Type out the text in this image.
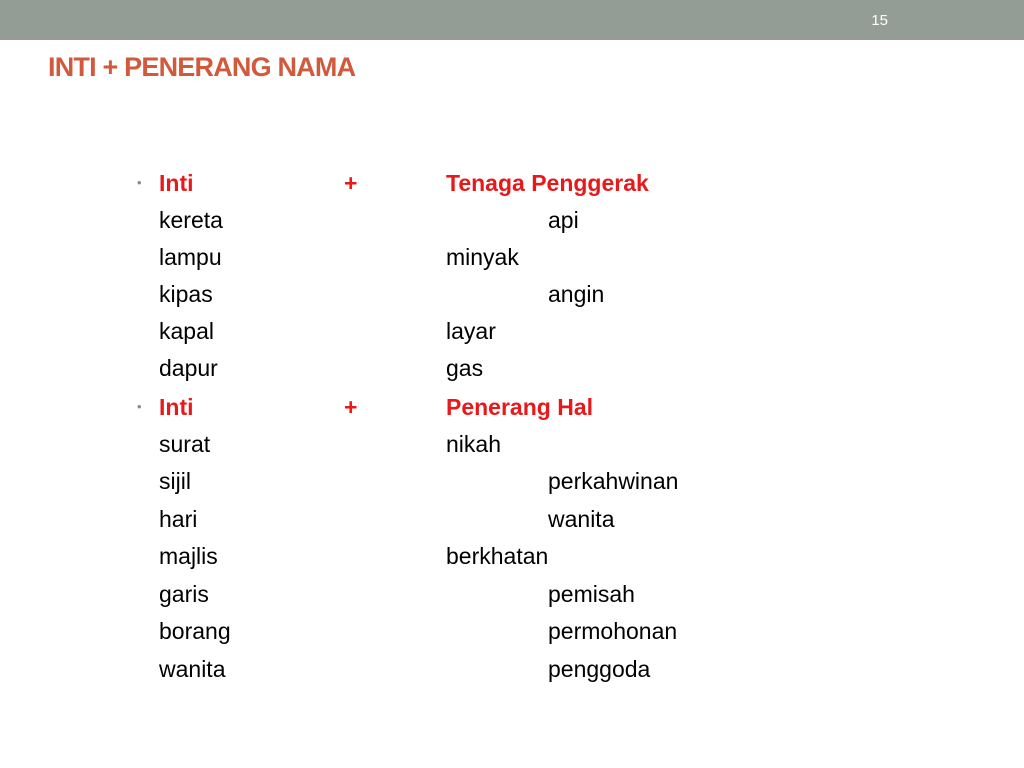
15
INTI + PENERANG NAMA
• Inti	+	Tenaga Penggerak
kereta	api
lampu	minyak
kipas	angin
kapal	layar
dapur	gas
• Inti	+	Penerang Hal
surat	nikah
sijil	perkahwinan
hari	wanita
majlis	berkhatan
garis	pemisah
borang	permohonan
wanita	penggoda
